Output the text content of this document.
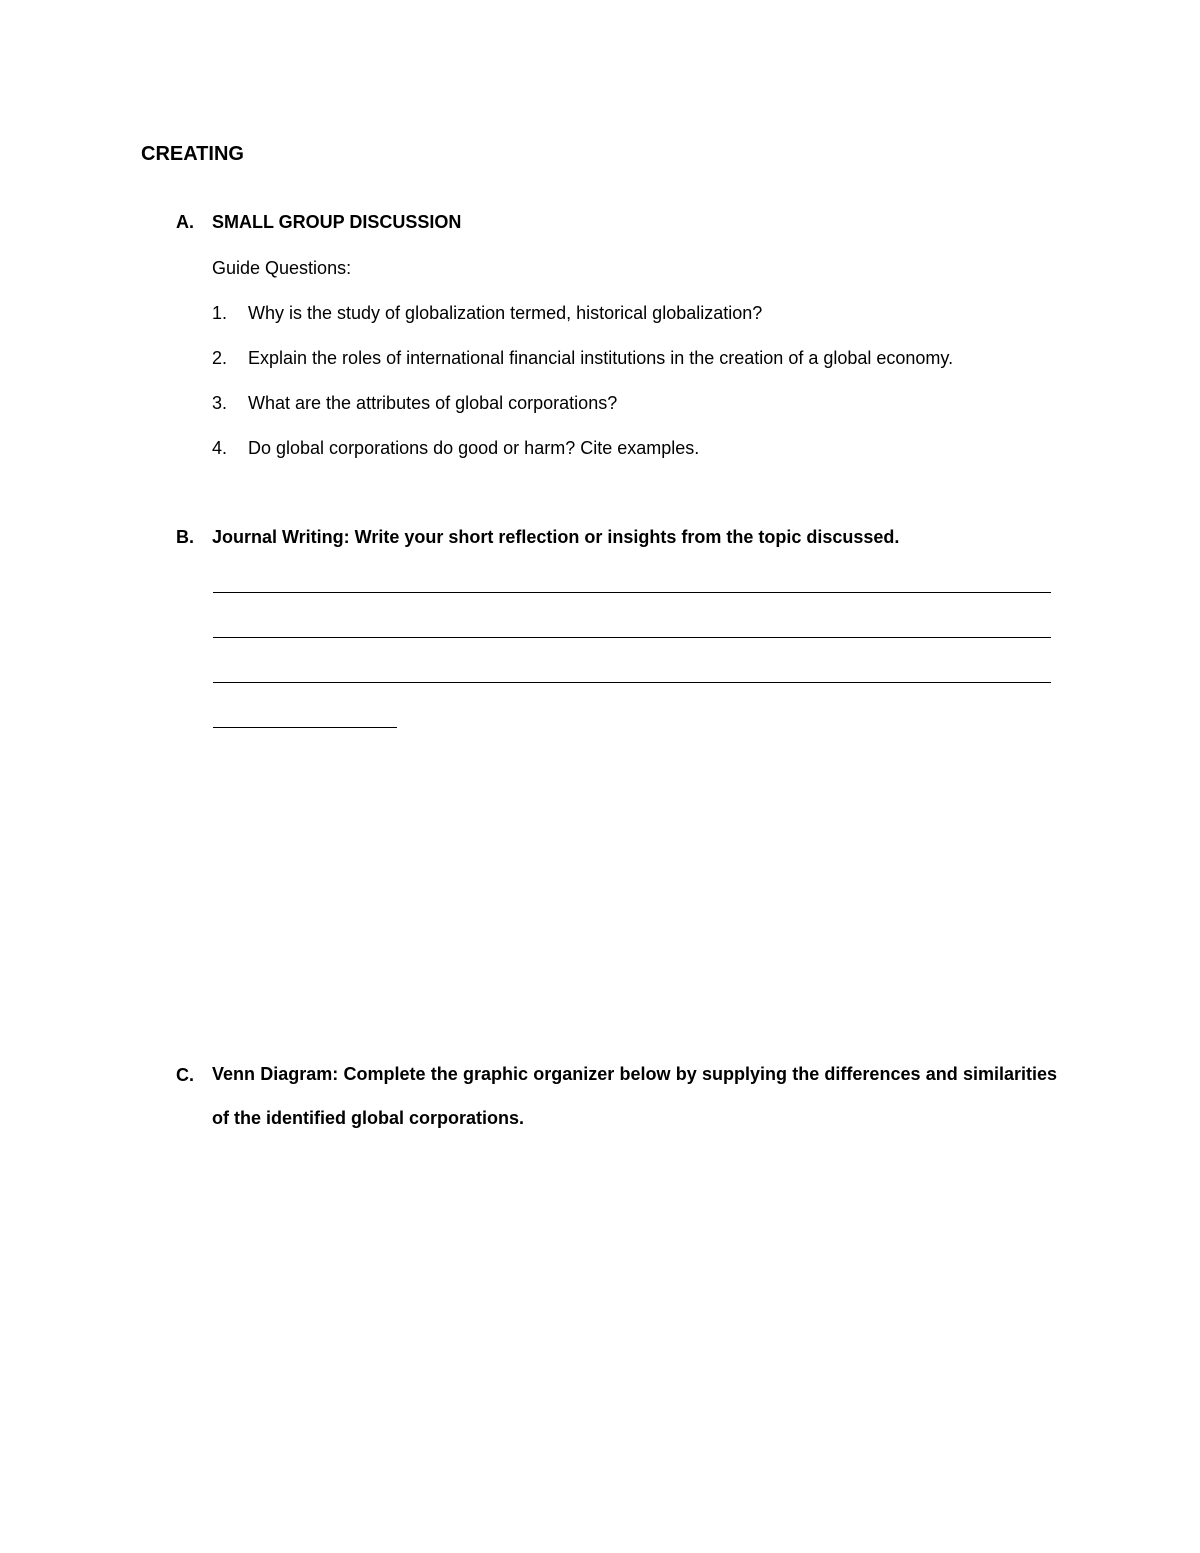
CREATING
A. SMALL GROUP DISCUSSION
Guide Questions:
1. Why is the study of globalization termed, historical globalization?
2. Explain the roles of international financial institutions in the creation of a global economy.
3. What are the attributes of global corporations?
4. Do global corporations do good or harm? Cite examples.
B. Journal Writing: Write your short reflection or insights from the topic discussed.
C. Venn Diagram: Complete the graphic organizer below by supplying the differences and similarities of the identified global corporations.
